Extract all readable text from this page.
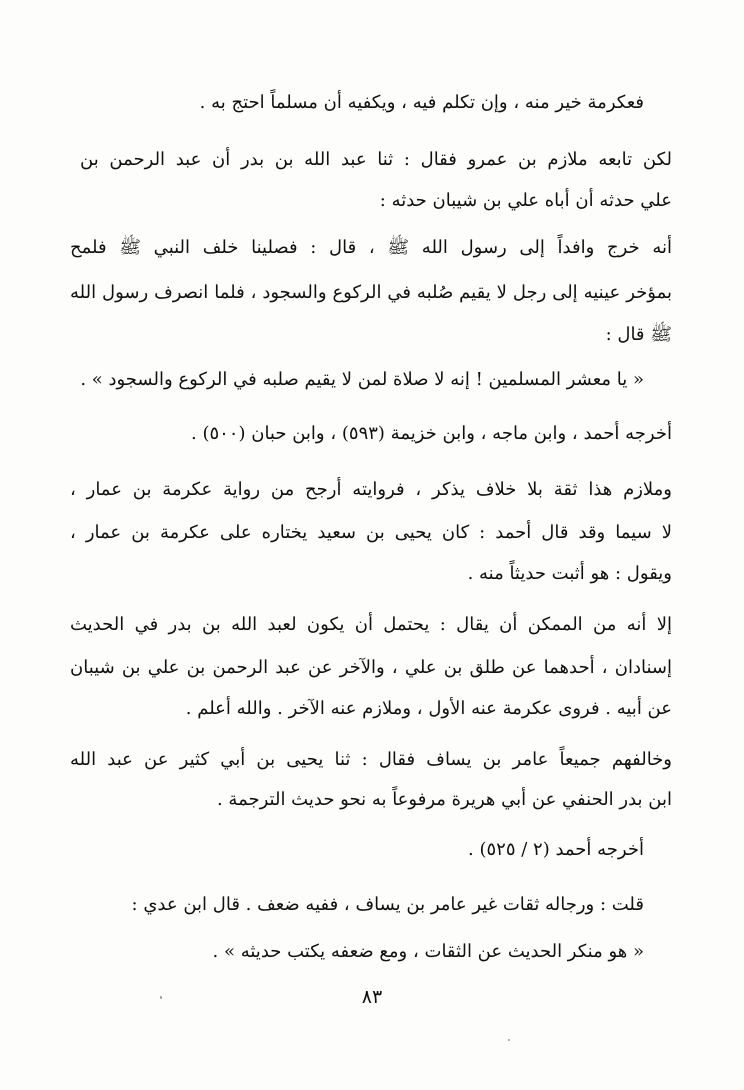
فعكرمة خير منه ، وإن تكلم فيه ، ويكفيه أن مسلماً احتج به .
لكن تابعه ملازم بن عمرو فقال : ثنا عبد الله بن بدر أن عبد الرحمن بن
علي حدثه أن أباه علي بن شيبان حدثه :
أنه خرج وافداً إلى رسول الله ﷺ ، قال : فصلينا خلف النبي ﷺ فلمح
بمؤخر عينيه إلى رجل لا يقيم صُلبه في الركوع والسجود ، فلما انصرف رسول الله
ﷺ قال :
« يا معشر المسلمين ! إنه لا صلاة لمن لا يقيم صلبه في الركوع والسجود » .
أخرجه أحمد ، وابن ماجه ، وابن خزيمة (٥٩٣) ، وابن حبان (٥٠٠) .
وملازم هذا ثقة بلا خلاف يذكر ، فروايته أرجح من رواية عكرمة بن عمار ،
لا سيما وقد قال أحمد : كان يحيى بن سعيد يختاره على عكرمة بن عمار ،
ويقول : هو أثبت حديثاً منه .
إلا أنه من الممكن أن يقال : يحتمل أن يكون لعبد الله بن بدر في الحديث
إسنادان ، أحدهما عن طلق بن علي ، والآخر عن عبد الرحمن بن علي بن شيبان
عن أبيه . فروى عكرمة عنه الأول ، وملازم عنه الآخر . والله أعلم .
وخالفهم جميعاً عامر بن يساف فقال : ثنا يحيى بن أبي كثير عن عبد الله
ابن بدر الحنفي عن أبي هريرة مرفوعاً به نحو حديث الترجمة .
أخرجه أحمد (٢ / ٥٢٥) .
قلت : ورجاله ثقات غير عامر بن يساف ، ففيه ضعف . قال ابن عدي :
« هو منكر الحديث عن الثقات ، ومع ضعفه يكتب حديثه » .
٨٣
